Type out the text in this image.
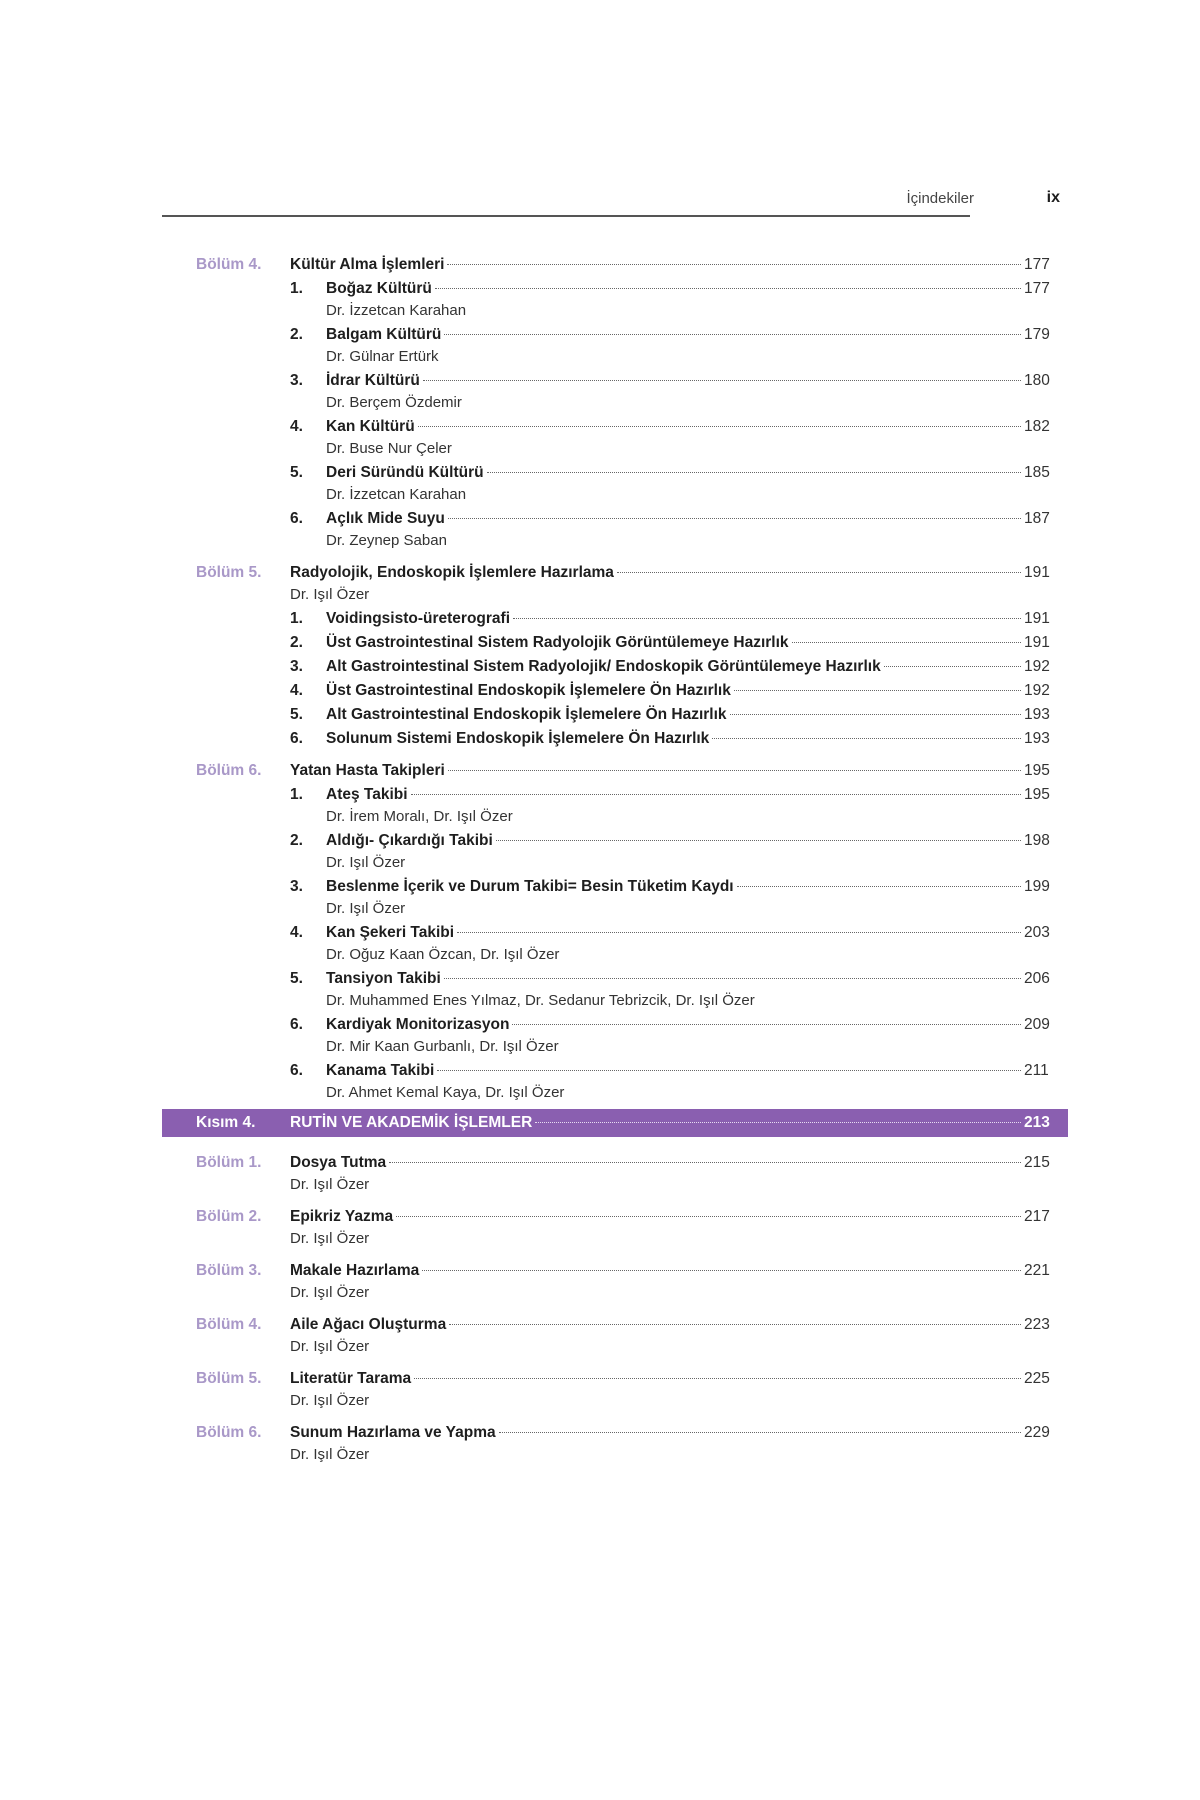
İçindekiler	ix
Bölüm 4.	Kültür Alma İşlemleri	177
1.	Boğaz Kültürü	177
Dr. İzzetcan Karahan
2.	Balgam Kültürü	179
Dr. Gülnar Ertürk
3.	İdrar Kültürü	180
Dr. Berçem Özdemir
4.	Kan Kültürü	182
Dr. Buse Nur Çeler
5.	Deri Süründü Kültürü	185
Dr. İzzetcan Karahan
6.	Açlık Mide Suyu	187
Dr. Zeynep Saban
Bölüm 5.	Radyolojik, Endoskopik İşlemlere Hazırlama	191
Dr. Işıl Özer
1.	Voidingsisto-üreterografi	191
2.	Üst Gastrointestinal Sistem Radyolojik Görüntülemeye Hazırlık	191
3.	Alt Gastrointestinal Sistem Radyolojik/ Endoskopik Görüntülemeye Hazırlık	192
4.	Üst Gastrointestinal Endoskopik İşlemelere Ön Hazırlık	192
5.	Alt Gastrointestinal Endoskopik İşlemelere Ön Hazırlık	193
6.	Solunum Sistemi Endoskopik İşlemelere Ön Hazırlık	193
Bölüm 6.	Yatan Hasta Takipleri	195
1.	Ateş Takibi	195
Dr. İrem Moralı, Dr. Işıl Özer
2.	Aldığı- Çıkardığı Takibi	198
Dr. Işıl Özer
3.	Beslenme İçerik ve Durum Takibi= Besin Tüketim Kaydı	199
Dr. Işıl Özer
4.	Kan Şekeri Takibi	203
Dr. Oğuz Kaan Özcan, Dr. Işıl Özer
5.	Tansiyon Takibi	206
Dr. Muhammed Enes Yılmaz, Dr. Sedanur Tebrizcik, Dr. Işıl Özer
6.	Kardiyak Monitorizasyon	209
Dr. Mir Kaan Gurbanlı, Dr. Işıl Özer
6.	Kanama Takibi	211
Dr. Ahmet Kemal Kaya, Dr. Işıl Özer
Kısım 4.	RUTİN VE AKADEMİK İŞLEMLER	213
Bölüm 1.	Dosya Tutma	215
Dr. Işıl Özer
Bölüm 2.	Epikriz Yazma	217
Dr. Işıl Özer
Bölüm 3.	Makale Hazırlama	221
Dr. Işıl Özer
Bölüm 4.	Aile Ağacı Oluşturma	223
Dr. Işıl Özer
Bölüm 5.	Literatür Tarama	225
Dr. Işıl Özer
Bölüm 6.	Sunum Hazırlama ve Yapma	229
Dr. Işıl Özer
